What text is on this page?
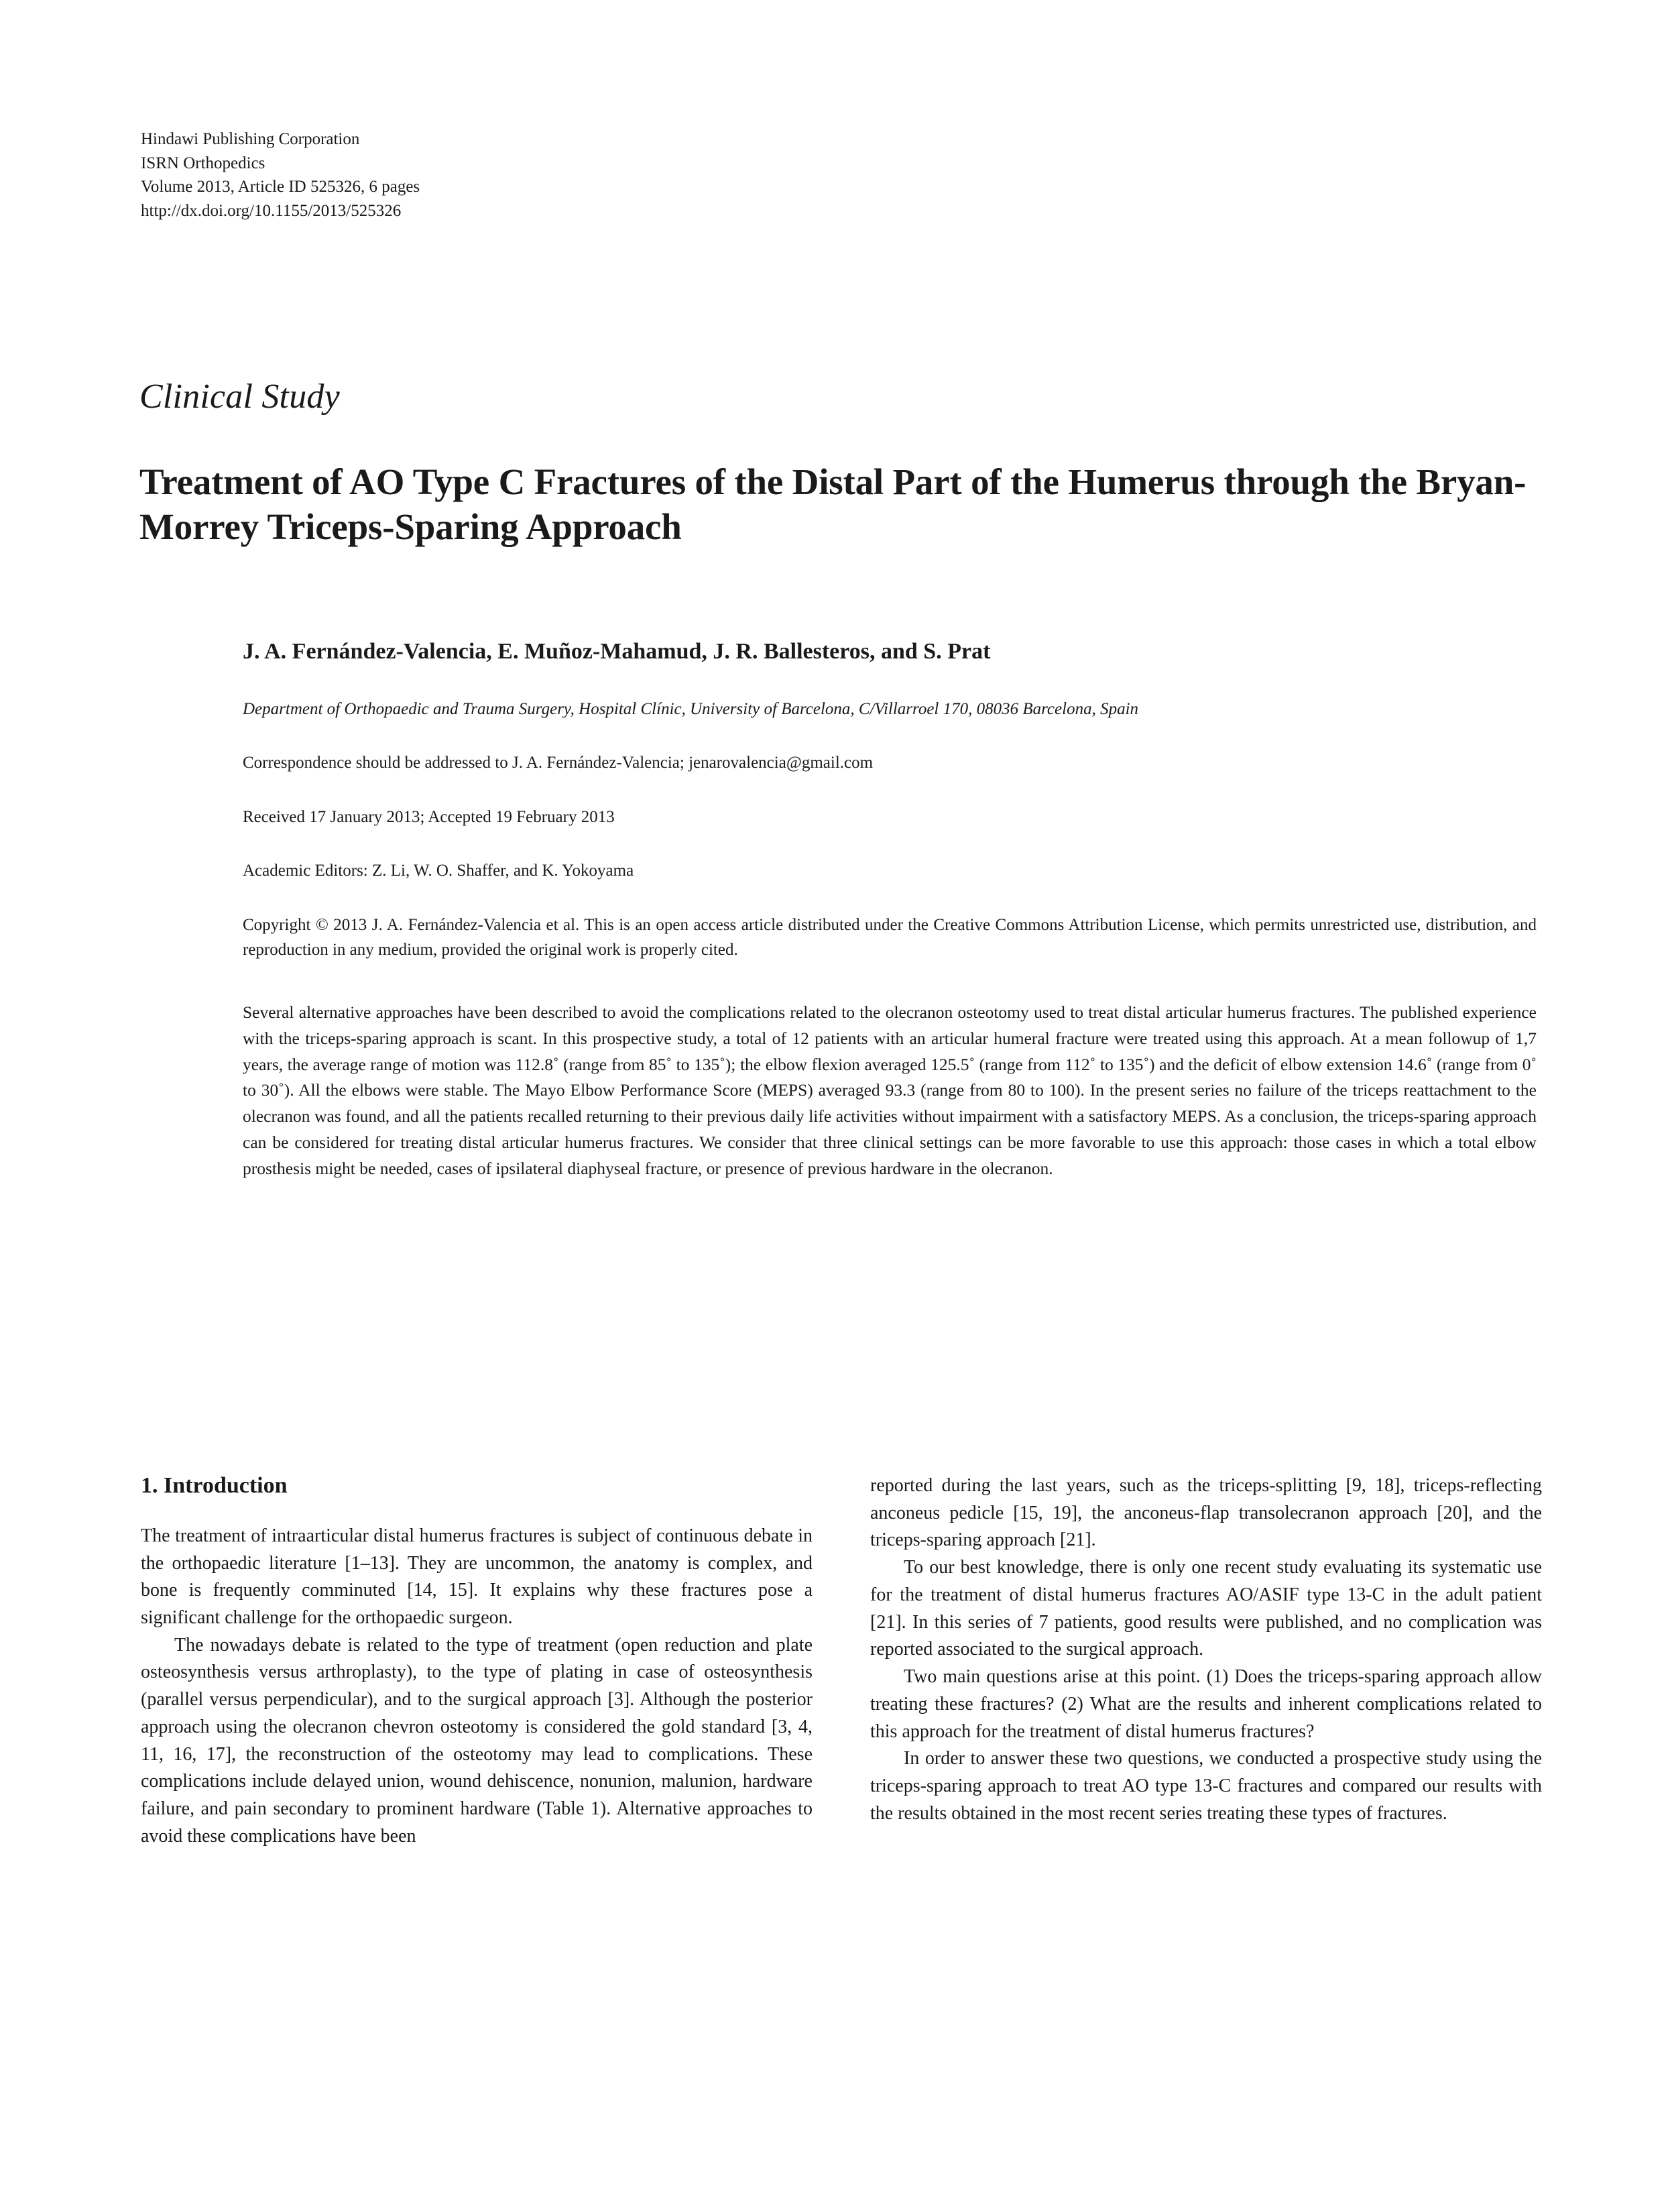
Hindawi Publishing Corporation
ISRN Orthopedics
Volume 2013, Article ID 525326, 6 pages
http://dx.doi.org/10.1155/2013/525326
Clinical Study
Treatment of AO Type C Fractures of the Distal Part of the Humerus through the Bryan-Morrey Triceps-Sparing Approach
J. A. Fernández-Valencia, E. Muñoz-Mahamud, J. R. Ballesteros, and S. Prat
Department of Orthopaedic and Trauma Surgery, Hospital Clínic, University of Barcelona, C/Villarroel 170, 08036 Barcelona, Spain
Correspondence should be addressed to J. A. Fernández-Valencia; jenarovalencia@gmail.com
Received 17 January 2013; Accepted 19 February 2013
Academic Editors: Z. Li, W. O. Shaffer, and K. Yokoyama
Copyright © 2013 J. A. Fernández-Valencia et al. This is an open access article distributed under the Creative Commons Attribution License, which permits unrestricted use, distribution, and reproduction in any medium, provided the original work is properly cited.
Several alternative approaches have been described to avoid the complications related to the olecranon osteotomy used to treat distal articular humerus fractures. The published experience with the triceps-sparing approach is scant. In this prospective study, a total of 12 patients with an articular humeral fracture were treated using this approach. At a mean followup of 1,7 years, the average range of motion was 112.8˚ (range from 85˚ to 135˚); the elbow flexion averaged 125.5˚ (range from 112˚ to 135˚) and the deficit of elbow extension 14.6˚ (range from 0˚ to 30˚). All the elbows were stable. The Mayo Elbow Performance Score (MEPS) averaged 93.3 (range from 80 to 100). In the present series no failure of the triceps reattachment to the olecranon was found, and all the patients recalled returning to their previous daily life activities without impairment with a satisfactory MEPS. As a conclusion, the triceps-sparing approach can be considered for treating distal articular humerus fractures. We consider that three clinical settings can be more favorable to use this approach: those cases in which a total elbow prosthesis might be needed, cases of ipsilateral diaphyseal fracture, or presence of previous hardware in the olecranon.
1. Introduction

The treatment of intraarticular distal humerus fractures is subject of continuous debate in the orthopaedic literature [1–13]. They are uncommon, the anatomy is complex, and bone is frequently comminuted [14, 15]. It explains why these fractures pose a significant challenge for the orthopaedic surgeon.

The nowadays debate is related to the type of treatment (open reduction and plate osteosynthesis versus arthroplasty), to the type of plating in case of osteosynthesis (parallel versus perpendicular), and to the surgical approach [3]. Although the posterior approach using the olecranon chevron osteotomy is considered the gold standard [3, 4, 11, 16, 17], the reconstruction of the osteotomy may lead to complications. These complications include delayed union, wound dehiscence, nonunion, malunion, hardware failure, and pain secondary to prominent hardware (Table 1). Alternative approaches to avoid these complications have been

reported during the last years, such as the triceps-splitting [9, 18], triceps-reflecting anconeus pedicle [15, 19], the anconeus-flap transolecranon approach [20], and the triceps-sparing approach [21].

To our best knowledge, there is only one recent study evaluating its systematic use for the treatment of distal humerus fractures AO/ASIF type 13-C in the adult patient [21]. In this series of 7 patients, good results were published, and no complication was reported associated to the surgical approach.

Two main questions arise at this point. (1) Does the triceps-sparing approach allow treating these fractures? (2) What are the results and inherent complications related to this approach for the treatment of distal humerus fractures?

In order to answer these two questions, we conducted a prospective study using the triceps-sparing approach to treat AO type 13-C fractures and compared our results with the results obtained in the most recent series treating these types of fractures.
